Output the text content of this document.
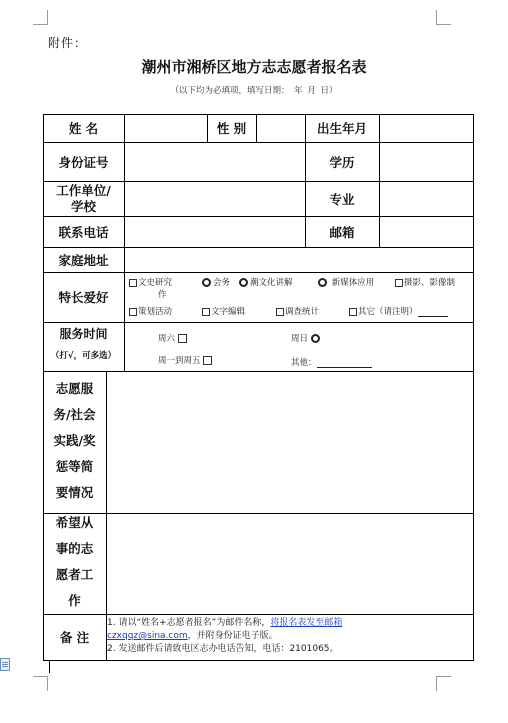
附件：
潮州市湘桥区地方志志愿者报名表
（以下均为必填项，填写日期： 年 月 日）
姓 名	性 别	出生年月
身份证号	学历
工作单位/
学校	专业
联系电话	邮箱
家庭地址
特长爱好
文史研究	会务	潮文化讲解	新媒体应用	摄影、影像制
作
策划活动	文字编辑	调查统计	其它（请注明）
服务时间
（打√，可多选）
周六	周日
周一到周五	其他：
志愿服
务/社会
实践/奖
惩等简
要情况
希望从
事的志
愿者工
作
备 注
1. 请以“姓名+志愿者报名”为邮件名称，将报名表发至邮箱
czxqqz@sina.com，并附身份证电子版。
2. 发送邮件后请致电区志办电话告知，电话：2101065。
